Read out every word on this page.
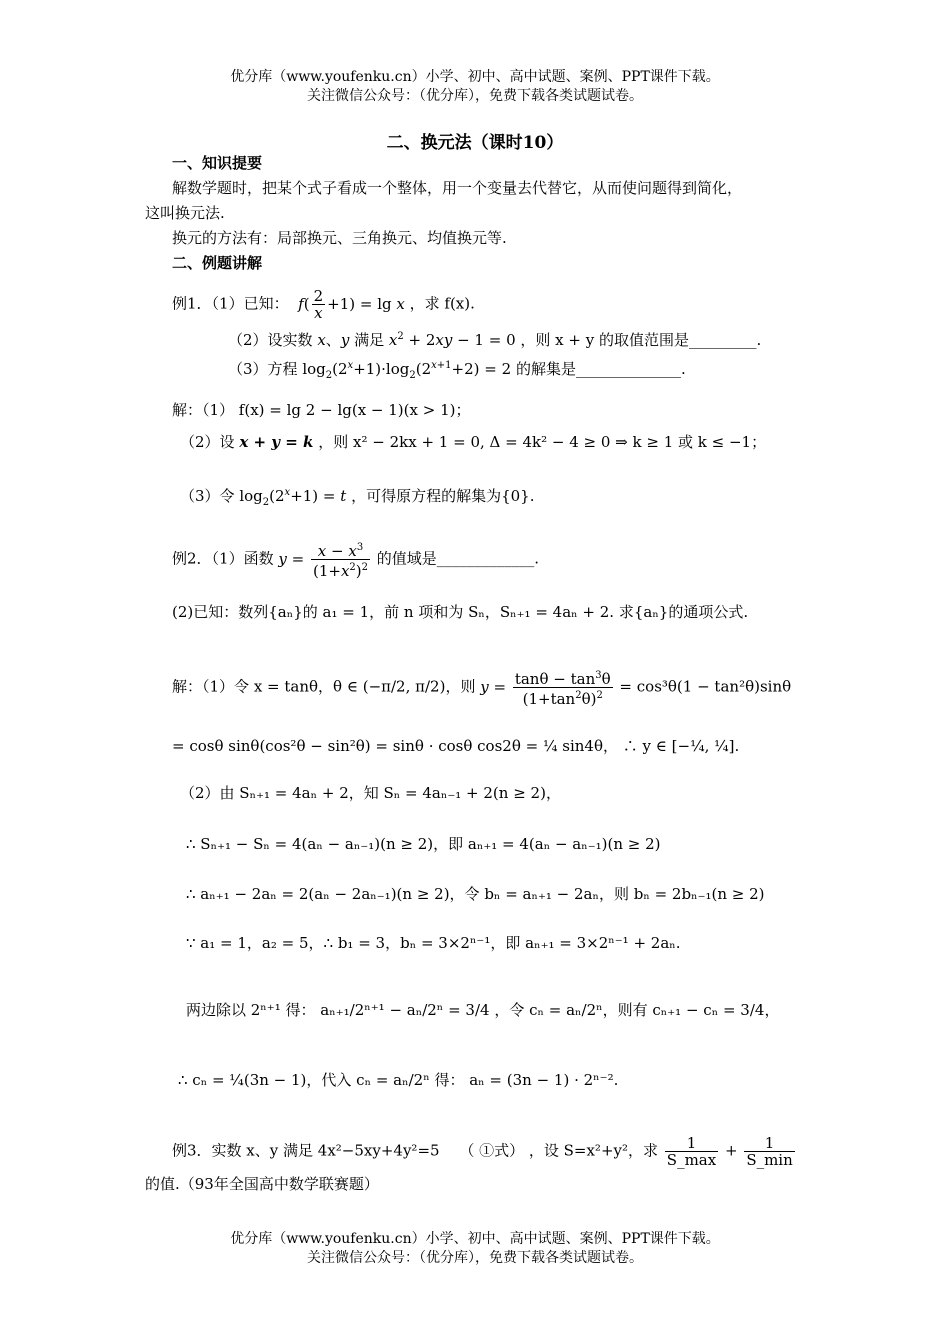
优分库（www.youfenku.cn）小学、初中、高中试题、案例、PPT课件下载。
关注微信公众号：（优分库），免费下载各类试题试卷。
二、换元法（课时10）
一、知识提要
解数学题时，把某个式子看成一个整体，用一个变量去代替它，从而使问题得到简化，
这叫换元法.
换元的方法有：局部换元、三角换元、均值换元等.
二、例题讲解
例1．（1）已知： $f( \frac{2}{x} +1) = \lg x$ ，求 f(x).
（2）设实数 x、y 满足 $x^2 + 2xy - 1 = 0$ ，则 x + y 的取值范围是_________.
（3）方程 $\log_2(2^x+1)\cdot\log_2(2^{x+1}+2) = 2$ 的解集是______________.
解：（1） f(x) = lg 2 − lg(x − 1)(x > 1)；
（2）设 x + y = k ，则 x² − 2kx + 1 = 0, Δ = 4k² − 4 ≥ 0 ⇒ k ≥ 1 或 k ≤ −1；
（3）令 $\log_2(2^x+1) = t$ ，可得原方程的解集为{0}.
例2．（1）函数 $y = \frac{x - x^3}{(1+x^2)^2}$ 的值域是_____________.
(2)已知：数列{aₙ}的 a₁ = 1，前 n 项和为 Sₙ，Sₙ₊₁ = 4aₙ + 2. 求{aₙ}的通项公式.
解：（1）令 x = tanθ，θ ∈ (−π/2, π/2)，则 $y = \frac{\tan\theta - \tan^3\theta}{(1+\tan^2\theta)^2} = \cos^3\theta(1 - \tan^2\theta)\sin\theta$
= cosθ sinθ(cos²θ − sin²θ) = sinθ · cosθ cos2θ = ¼ sin4θ， ∴ y ∈ [−¼, ¼].
（2）由 Sₙ₊₁ = 4aₙ + 2，知 Sₙ = 4aₙ₋₁ + 2(n ≥ 2)，
∴ Sₙ₊₁ − Sₙ = 4(aₙ − aₙ₋₁)(n ≥ 2)，即 aₙ₊₁ = 4(aₙ − aₙ₋₁)(n ≥ 2)
∴ aₙ₊₁ − 2aₙ = 2(aₙ − 2aₙ₋₁)(n ≥ 2)，令 bₙ = aₙ₊₁ − 2aₙ，则 bₙ = 2bₙ₋₁(n ≥ 2)
∵ a₁ = 1，a₂ = 5，∴ b₁ = 3，bₙ = 3×2ⁿ⁻¹，即 aₙ₊₁ = 3×2ⁿ⁻¹ + 2aₙ.
两边除以 2ⁿ⁺¹ 得： aₙ₊₁/2ⁿ⁺¹ − aₙ/2ⁿ = 3/4 ，令 cₙ = aₙ/2ⁿ，则有 cₙ₊₁ − cₙ = 3/4，
∴ cₙ = ¼(3n − 1)，代入 cₙ = aₙ/2ⁿ 得： aₙ = (3n − 1) · 2ⁿ⁻².
例3．实数 x、y 满足 4x²−5xy+4y²=5　 （ ①式） ，设 S=x²+y²，求 $\frac{1}{S\_\max} + \frac{1}{S\_\min}$
的值.（93年全国高中数学联赛题）
优分库（www.youfenku.cn）小学、初中、高中试题、案例、PPT课件下载。
关注微信公众号：（优分库），免费下载各类试题试卷。
